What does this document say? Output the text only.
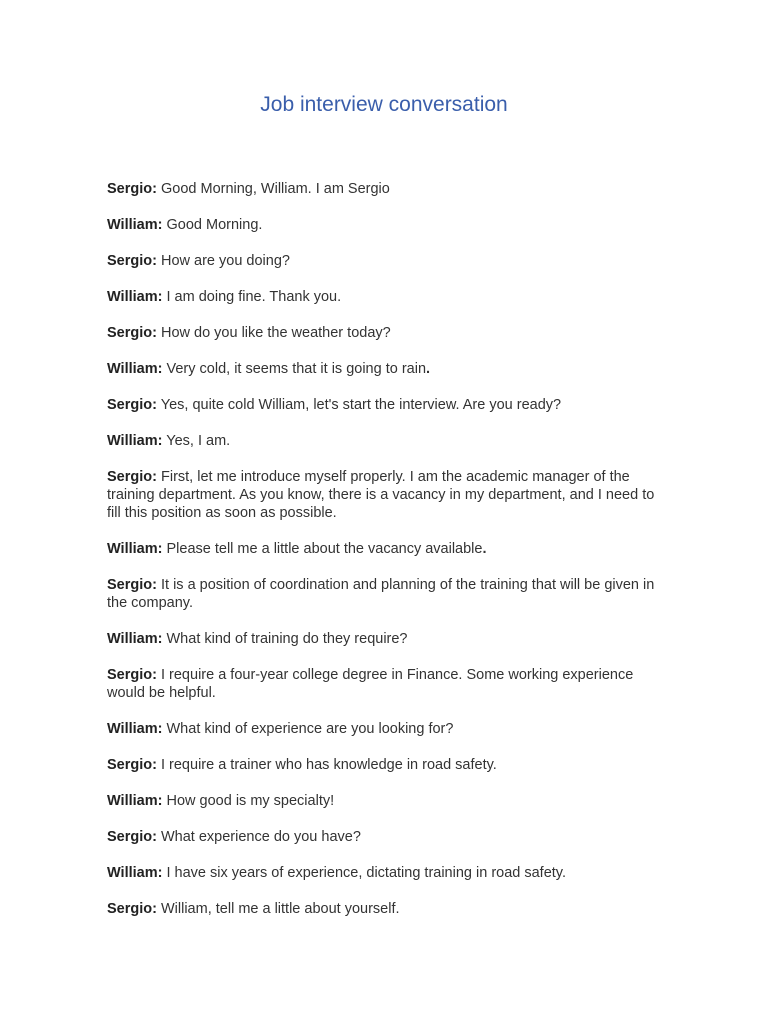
Job interview conversation

Sergio: Good Morning, William. I am Sergio

William: Good Morning.

Sergio: How are you doing?

William: I am doing fine. Thank you.

Sergio: How do you like the weather today?

William: Very cold, it seems that it is going to rain.

Sergio: Yes, quite cold William, let's start the interview. Are you ready?

William: Yes, I am.

Sergio: First, let me introduce myself properly. I am the academic manager of the training department. As you know, there is a vacancy in my department, and I need to fill this position as soon as possible.

William: Please tell me a little about the vacancy available.

Sergio: It is a position of coordination and planning of the training that will be given in the company.

William: What kind of training do they require?

Sergio: I require a four-year college degree in Finance. Some working experience would be helpful.

William: What kind of experience are you looking for?

Sergio: I require a trainer who has knowledge in road safety.

William: How good is my specialty!

Sergio: What experience do you have?

William: I have six years of experience, dictating training in road safety.

Sergio: William, tell me a little about yourself.
